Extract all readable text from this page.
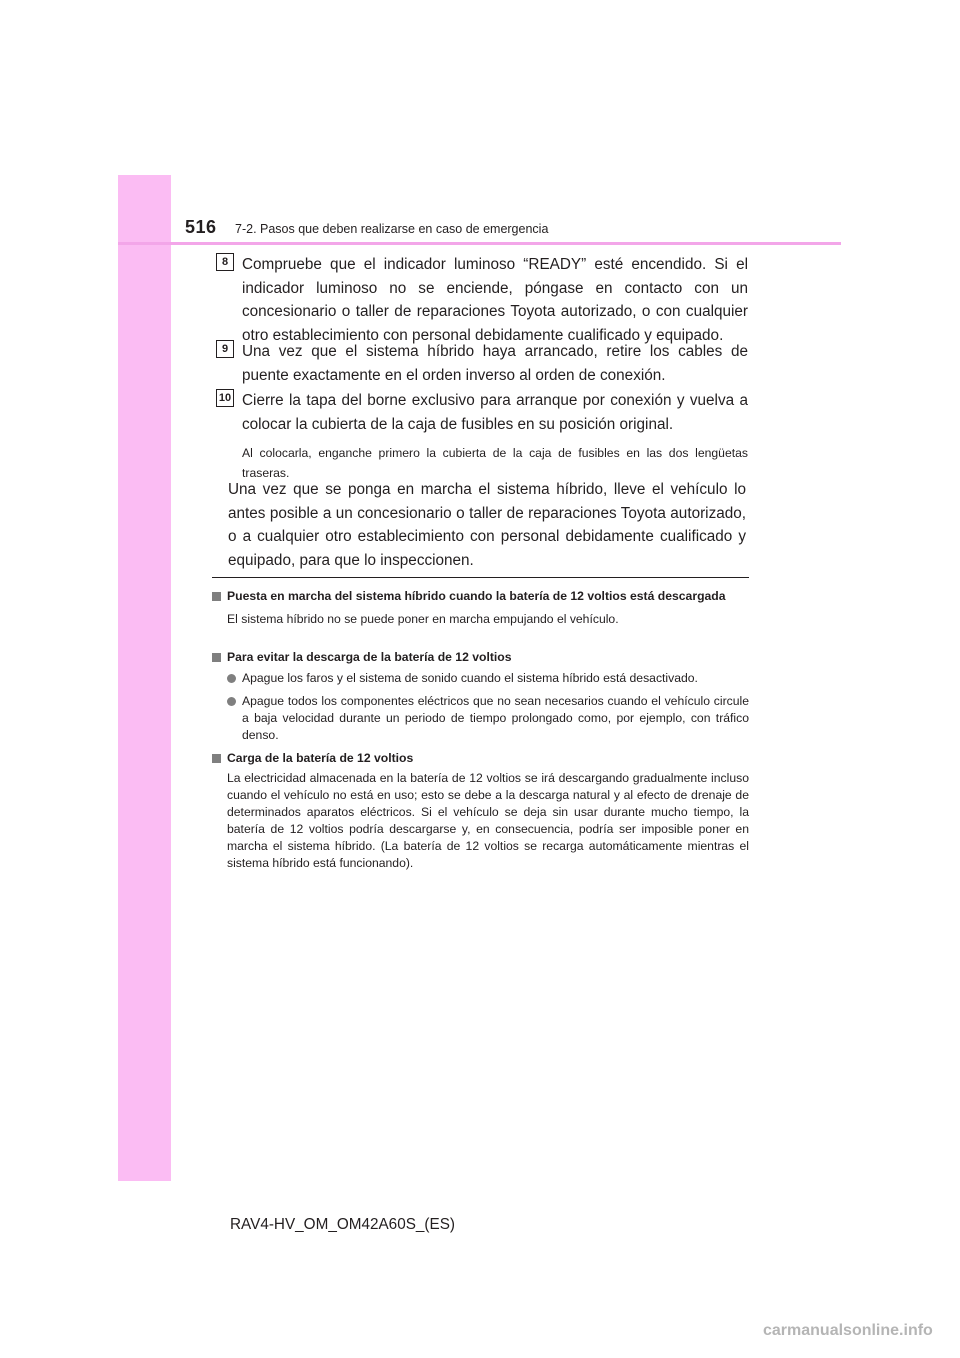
516 7-2. Pasos que deben realizarse en caso de emergencia
8 Compruebe que el indicador luminoso “READY” esté encendido. Si el indicador luminoso no se enciende, póngase en contacto con un concesionario o taller de reparaciones Toyota autorizado, o con cualquier otro establecimiento con personal debidamente cualificado y equipado.
9 Una vez que el sistema híbrido haya arrancado, retire los cables de puente exactamente en el orden inverso al orden de conexión.
10 Cierre la tapa del borne exclusivo para arranque por conexión y vuelva a colocar la cubierta de la caja de fusibles en su posición original.
Al colocarla, enganche primero la cubierta de la caja de fusibles en las dos lengüetas traseras.
Una vez que se ponga en marcha el sistema híbrido, lleve el vehículo lo antes posible a un concesionario o taller de reparaciones Toyota autorizado, o a cualquier otro establecimiento con personal debidamente cualificado y equipado, para que lo inspeccionen.
Puesta en marcha del sistema híbrido cuando la batería de 12 voltios está descargada
El sistema híbrido no se puede poner en marcha empujando el vehículo.
Para evitar la descarga de la batería de 12 voltios
Apague los faros y el sistema de sonido cuando el sistema híbrido está desactivado.
Apague todos los componentes eléctricos que no sean necesarios cuando el vehículo circule a baja velocidad durante un periodo de tiempo prolongado como, por ejemplo, con tráfico denso.
Carga de la batería de 12 voltios
La electricidad almacenada en la batería de 12 voltios se irá descargando gradualmente incluso cuando el vehículo no está en uso; esto se debe a la descarga natural y al efecto de drenaje de determinados aparatos eléctricos. Si el vehículo se deja sin usar durante mucho tiempo, la batería de 12 voltios podría descargarse y, en consecuencia, podría ser imposible poner en marcha el sistema híbrido. (La batería de 12 voltios se recarga automáticamente mientras el sistema híbrido está funcionando).
RAV4-HV_OM_OM42A60S_(ES)
carmanualsonline.info
